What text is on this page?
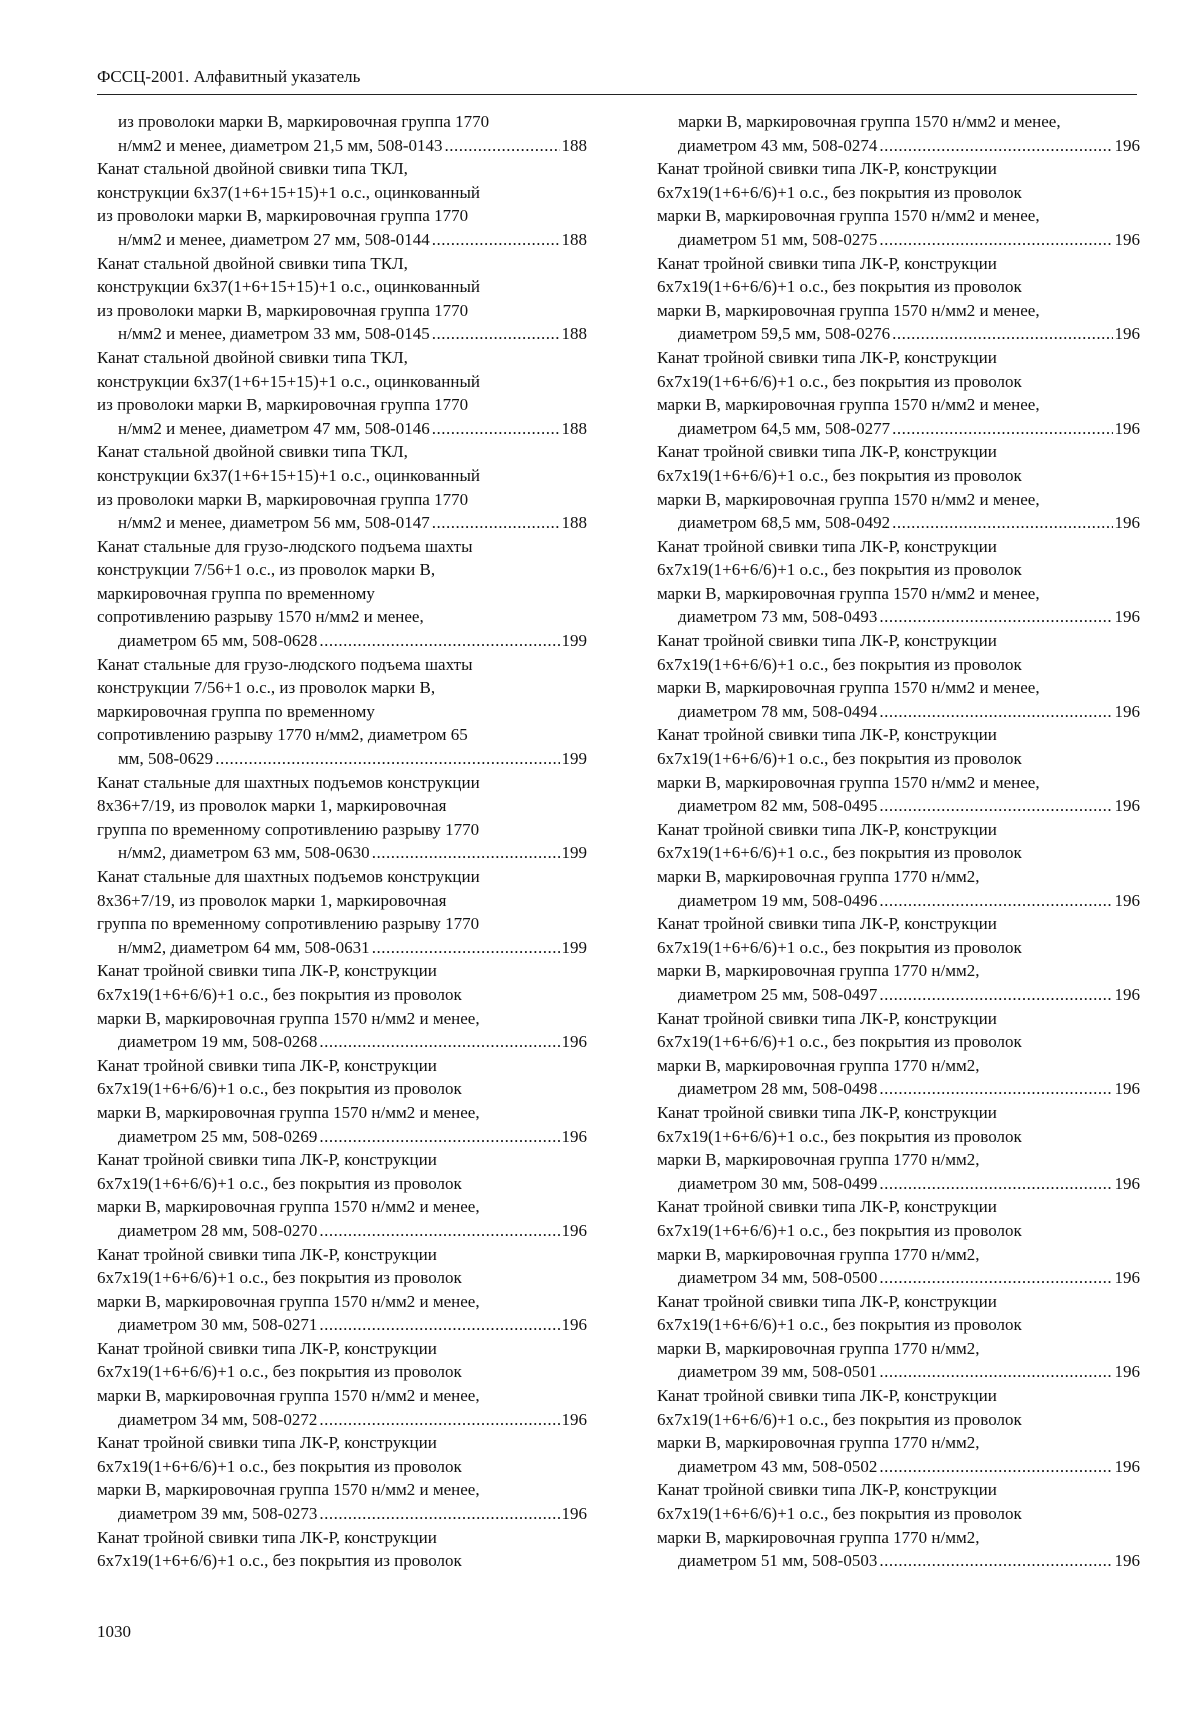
ФССЦ-2001. Алфавитный указатель
из проволоки марки В, маркировочная группа 1770
н/мм2 и менее, диаметром 21,5 мм, 508-0143 .....	188
Канат стальной двойной свивки типа ТКЛ,
конструкции 6х37(1+6+15+15)+1 о.с., оцинкованный
из проволоки марки В, маркировочная группа 1770
н/мм2 и менее, диаметром 27 мм, 508-0144 .....	188
Канат стальной двойной свивки типа ТКЛ,
конструкции 6х37(1+6+15+15)+1 о.с., оцинкованный
из проволоки марки В, маркировочная группа 1770
н/мм2 и менее, диаметром 33 мм, 508-0145 .....	188
Канат стальной двойной свивки типа ТКЛ,
конструкции 6х37(1+6+15+15)+1 о.с., оцинкованный
из проволоки марки В, маркировочная группа 1770
н/мм2 и менее, диаметром 47 мм, 508-0146 .....	188
Канат стальной двойной свивки типа ТКЛ,
конструкции 6х37(1+6+15+15)+1 о.с., оцинкованный
из проволоки марки В, маркировочная группа 1770
н/мм2 и менее, диаметром 56 мм, 508-0147 .....	188
Канат стальные для грузо-людского подъема шахты
конструкции 7/56+1 о.с., из проволок марки В,
маркировочная группа по временному
сопротивлению разрыву 1570 н/мм2 и менее,
диаметром 65 мм, 508-0628 .....	199
Канат стальные для грузо-людского подъема шахты
конструкции 7/56+1 о.с., из проволок марки В,
маркировочная группа по временному
сопротивлению разрыву 1770 н/мм2, диаметром 65
мм, 508-0629 .....	199
Канат стальные для шахтных подъемов конструкции
8х36+7/19, из проволок марки 1, маркировочная
группа по временному сопротивлению разрыву 1770
н/мм2, диаметром 63 мм, 508-0630 .....	199
Канат стальные для шахтных подъемов конструкции
8х36+7/19, из проволок марки 1, маркировочная
группа по временному сопротивлению разрыву 1770
н/мм2, диаметром 64 мм, 508-0631 .....	199
Канат тройной свивки типа ЛК-Р, конструкции
6х7х19(1+6+6/6)+1 о.с., без покрытия из проволок
марки В, маркировочная группа 1570 н/мм2 и менее,
диаметром 19 мм, 508-0268 .....	196
Канат тройной свивки типа ЛК-Р, конструкции
6х7х19(1+6+6/6)+1 о.с., без покрытия из проволок
марки В, маркировочная группа 1570 н/мм2 и менее,
диаметром 25 мм, 508-0269 .....	196
Канат тройной свивки типа ЛК-Р, конструкции
6х7х19(1+6+6/6)+1 о.с., без покрытия из проволок
марки В, маркировочная группа 1570 н/мм2 и менее,
диаметром 28 мм, 508-0270 .....	196
Канат тройной свивки типа ЛК-Р, конструкции
6х7х19(1+6+6/6)+1 о.с., без покрытия из проволок
марки В, маркировочная группа 1570 н/мм2 и менее,
диаметром 30 мм, 508-0271 .....	196
Канат тройной свивки типа ЛК-Р, конструкции
6х7х19(1+6+6/6)+1 о.с., без покрытия из проволок
марки В, маркировочная группа 1570 н/мм2 и менее,
диаметром 34 мм, 508-0272 .....	196
Канат тройной свивки типа ЛК-Р, конструкции
6х7х19(1+6+6/6)+1 о.с., без покрытия из проволок
марки В, маркировочная группа 1570 н/мм2 и менее,
диаметром 39 мм, 508-0273 .....	196
Канат тройной свивки типа ЛК-Р, конструкции
6х7х19(1+6+6/6)+1 о.с., без покрытия из проволок
марки В, маркировочная группа 1570 н/мм2 и менее,
диаметром 43 мм, 508-0274 .....	196
Канат тройной свивки типа ЛК-Р, конструкции
6х7х19(1+6+6/6)+1 о.с., без покрытия из проволок
марки В, маркировочная группа 1570 н/мм2 и менее,
диаметром 51 мм, 508-0275 .....	196
Канат тройной свивки типа ЛК-Р, конструкции
6х7х19(1+6+6/6)+1 о.с., без покрытия из проволок
марки В, маркировочная группа 1570 н/мм2 и менее,
диаметром 59,5 мм, 508-0276 .....	196
Канат тройной свивки типа ЛК-Р, конструкции
6х7х19(1+6+6/6)+1 о.с., без покрытия из проволок
марки В, маркировочная группа 1570 н/мм2 и менее,
диаметром 64,5 мм, 508-0277 .....	196
Канат тройной свивки типа ЛК-Р, конструкции
6х7х19(1+6+6/6)+1 о.с., без покрытия из проволок
марки В, маркировочная группа 1570 н/мм2 и менее,
диаметром 68,5 мм, 508-0492 .....	196
Канат тройной свивки типа ЛК-Р, конструкции
6х7х19(1+6+6/6)+1 о.с., без покрытия из проволок
марки В, маркировочная группа 1570 н/мм2 и менее,
диаметром 73 мм, 508-0493 .....	196
Канат тройной свивки типа ЛК-Р, конструкции
6х7х19(1+6+6/6)+1 о.с., без покрытия из проволок
марки В, маркировочная группа 1570 н/мм2 и менее,
диаметром 78 мм, 508-0494 .....	196
Канат тройной свивки типа ЛК-Р, конструкции
6х7х19(1+6+6/6)+1 о.с., без покрытия из проволок
марки В, маркировочная группа 1570 н/мм2 и менее,
диаметром 82 мм, 508-0495 .....	196
Канат тройной свивки типа ЛК-Р, конструкции
6х7х19(1+6+6/6)+1 о.с., без покрытия из проволок
марки В, маркировочная группа 1770 н/мм2,
диаметром 19 мм, 508-0496 .....	196
Канат тройной свивки типа ЛК-Р, конструкции
6х7х19(1+6+6/6)+1 о.с., без покрытия из проволок
марки В, маркировочная группа 1770 н/мм2,
диаметром 25 мм, 508-0497 .....	196
Канат тройной свивки типа ЛК-Р, конструкции
6х7х19(1+6+6/6)+1 о.с., без покрытия из проволок
марки В, маркировочная группа 1770 н/мм2,
диаметром 28 мм, 508-0498 .....	196
Канат тройной свивки типа ЛК-Р, конструкции
6х7х19(1+6+6/6)+1 о.с., без покрытия из проволок
марки В, маркировочная группа 1770 н/мм2,
диаметром 30 мм, 508-0499 .....	196
Канат тройной свивки типа ЛК-Р, конструкции
6х7х19(1+6+6/6)+1 о.с., без покрытия из проволок
марки В, маркировочная группа 1770 н/мм2,
диаметром 34 мм, 508-0500 .....	196
Канат тройной свивки типа ЛК-Р, конструкции
6х7х19(1+6+6/6)+1 о.с., без покрытия из проволок
марки В, маркировочная группа 1770 н/мм2,
диаметром 39 мм, 508-0501 .....	196
Канат тройной свивки типа ЛК-Р, конструкции
6х7х19(1+6+6/6)+1 о.с., без покрытия из проволок
марки В, маркировочная группа 1770 н/мм2,
диаметром 43 мм, 508-0502 .....	196
Канат тройной свивки типа ЛК-Р, конструкции
6х7х19(1+6+6/6)+1 о.с., без покрытия из проволок
марки В, маркировочная группа 1770 н/мм2,
диаметром 51 мм, 508-0503 .....	196
1030
